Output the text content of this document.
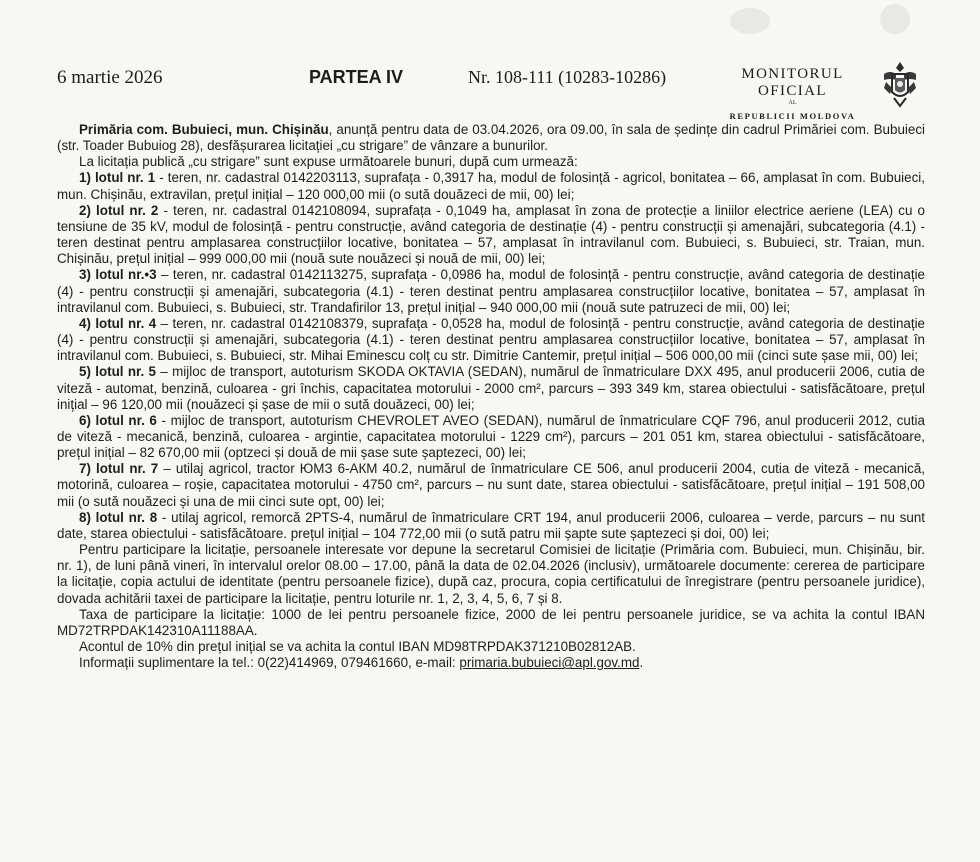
6 martie 2026	PARTEA IV	Nr. 108-111 (10283-10286)	MONITORUL OFICIAL
AL
REPUBLICII MOLDOVA

Primăria com. Bubuieci, mun. Chișinău, anunță pentru data de 03.04.2026, ora 09.00, în sala de ședințe din cadrul Primăriei com. Bubuieci (str. Toader Bubuiog 28), desfășurarea licitației „cu strigare” de vânzare a bunurilor.

La licitația publică „cu strigare” sunt expuse următoarele bunuri, după cum urmează:

1) lotul nr. 1 - teren, nr. cadastral 0142203113, suprafața - 0,3917 ha, modul de folosință - agricol, bonitatea – 66, amplasat în com. Bubuieci, mun. Chișinău, extravilan, prețul inițial – 120 000,00 mii (o sută douăzeci de mii, 00) lei;

2) lotul nr. 2 - teren, nr. cadastral 0142108094, suprafața - 0,1049 ha, amplasat în zona de protecție a liniilor electrice aeriene (LEA) cu o tensiune de 35 kV, modul de folosință - pentru construcție, având categoria de destinație (4) - pentru construcții și amenajări, subcategoria (4.1) - teren destinat pentru amplasarea construcțiilor locative, bonitatea – 57, amplasat în intravilanul com. Bubuieci, s. Bubuieci, str. Traian, mun. Chișinău, prețul inițial – 999 000,00 mii (nouă sute nouăzeci și nouă de mii, 00) lei;

3) lotul nr.•3 – teren, nr. cadastral 0142113275, suprafața - 0,0986 ha, modul de folosință - pentru construcție, având categoria de destinație (4) - pentru construcții și amenajări, subcategoria (4.1) - teren destinat pentru amplasarea construcțiilor locative, bonitatea – 57, amplasat în intravilanul com. Bubuieci, s. Bubuieci, str. Trandafirilor 13, prețul inițial – 940 000,00 mii (nouă sute patruzeci de mii, 00) lei;

4) lotul nr. 4 – teren, nr. cadastral 0142108379, suprafața - 0,0528 ha, modul de folosință - pentru construcție, având categoria de destinație (4) - pentru construcții și amenajări, subcategoria (4.1) - teren destinat pentru amplasarea construcțiilor locative, bonitatea – 57, amplasat în intravilanul com. Bubuieci, s. Bubuieci, str. Mihai Eminescu colț cu str. Dimitrie Cantemir, prețul inițial – 506 000,00 mii (cinci sute șase mii, 00) lei;

5) lotul nr. 5 – mijloc de transport, autoturism SKODA OKTAVIA (SEDAN), numărul de înmatriculare DXX 495, anul producerii 2006, cutia de viteză - automat, benzină, culoarea - gri închis, capacitatea motorului - 2000 cm², parcurs – 393 349 km, starea obiectului - satisfăcătoare, prețul inițial – 96 120,00 mii (nouăzeci și șase de mii o sută douăzeci, 00) lei;

6) lotul nr. 6 - mijloc de transport, autoturism CHEVROLET AVEO (SEDAN), numărul de înmatriculare CQF 796, anul producerii 2012, cutia de viteză - mecanică, benzină, culoarea - argintie, capacitatea motorului - 1229 cm²), parcurs – 201 051 km, starea obiectului - satisfăcătoare, prețul inițial – 82 670,00 mii (optzeci și două de mii șase sute șaptezeci, 00) lei;

7) lotul nr. 7 – utilaj agricol, tractor ЮМЗ 6-АКМ 40.2, numărul de înmatriculare CE 506, anul producerii 2004, cutia de viteză - mecanică, motorină, culoarea – roșie, capacitatea motorului - 4750 cm², parcurs – nu sunt date, starea obiectului - satisfăcătoare, prețul inițial – 191 508,00 mii (o sută nouăzeci și una de mii cinci sute opt, 00) lei;

8) lotul nr. 8 - utilaj agricol, remorcă 2PTS-4, numărul de înmatriculare CRT 194, anul producerii 2006, culoarea – verde, parcurs – nu sunt date, starea obiectului - satisfăcătoare. prețul inițial – 104 772,00 mii (o sută patru mii șapte sute șaptezeci și doi, 00) lei;

Pentru participare la licitație, persoanele interesate vor depune la secretarul Comisiei de licitație (Primăria com. Bubuieci, mun. Chișinău, bir. nr. 1), de luni până vineri, în intervalul orelor 08.00 – 17.00, până la data de 02.04.2026 (inclusiv), următoarele documente: cererea de participare la licitație, copia actului de identitate (pentru persoanele fizice), după caz, procura, copia certificatului de înregistrare (pentru persoanele juridice), dovada achitării taxei de participare la licitație, pentru loturile nr. 1, 2, 3, 4, 5, 6, 7 și 8.

Taxa de participare la licitație: 1000 de lei pentru persoanele fizice, 2000 de lei pentru persoanele juridice, se va achita la contul IBAN MD72TRPDAK142310A11188AA.

Acontul de 10% din prețul inițial se va achita la contul IBAN MD98TRPDAK371210B02812AB.

Informații suplimentare la tel.: 0(22)414969, 079461660, e-mail: primaria.bubuieci@apl.gov.md.
